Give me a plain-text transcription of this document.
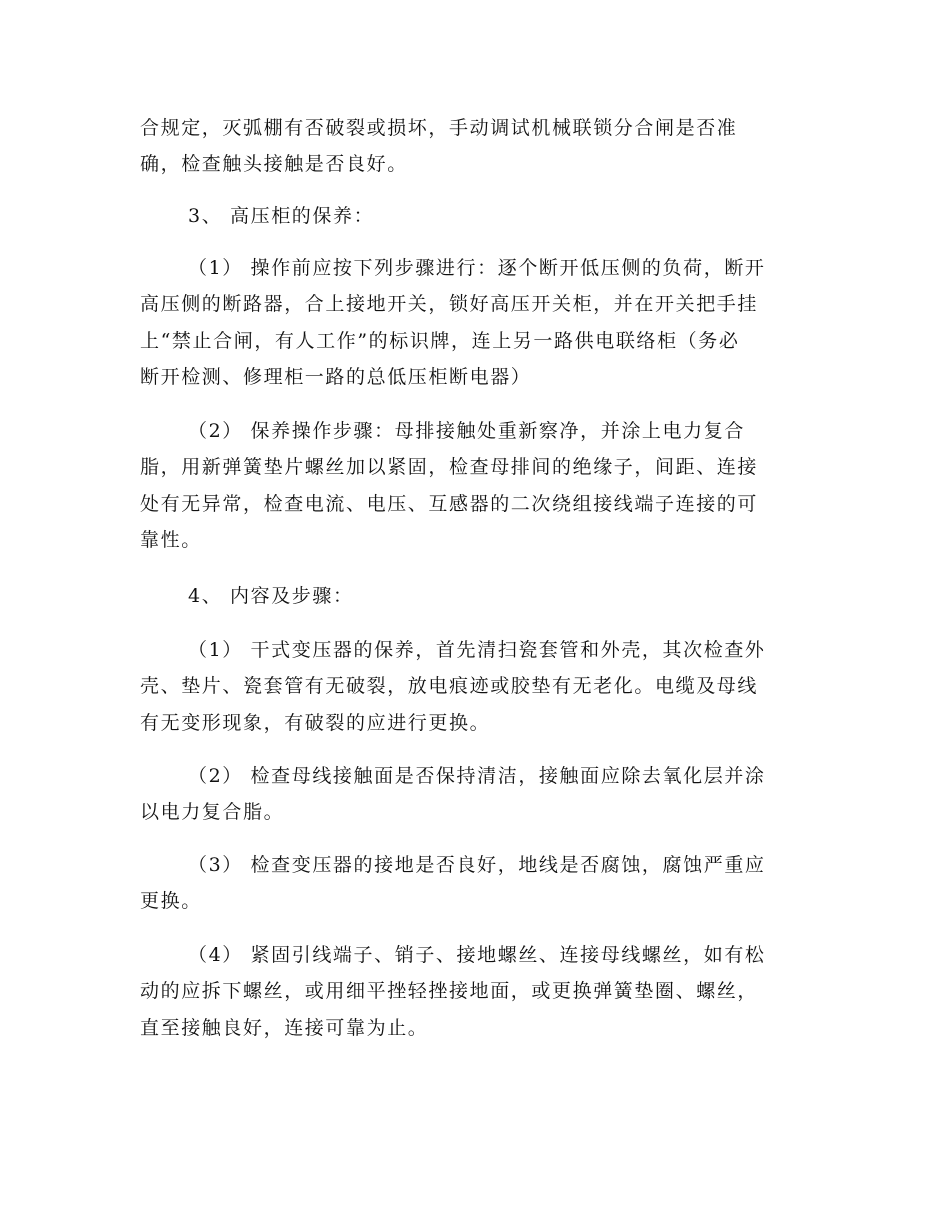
合规定，灭弧棚有否破裂或损坏，手动调试机械联锁分合闸是否准
确，检查触头接触是否良好。

3、 高压柜的保养：

（1） 操作前应按下列步骤进行：逐个断开低压侧的负荷，断开
高压侧的断路器，合上接地开关，锁好高压开关柜，并在开关把手挂
上“禁止合闸，有人工作”的标识牌，连上另一路供电联络柜（务必
断开检测、修理柜一路的总低压柜断电器）

（2） 保养操作步骤：母排接触处重新察净，并涂上电力复合
脂，用新弹簧垫片螺丝加以紧固，检查母排间的绝缘子，间距、连接
处有无异常，检查电流、电压、互感器的二次绕组接线端子连接的可
靠性。

4、 内容及步骤：

（1） 干式变压器的保养，首先清扫瓷套管和外壳，其次检查外
壳、垫片、瓷套管有无破裂，放电痕迹或胶垫有无老化。电缆及母线
有无变形现象，有破裂的应进行更换。

（2） 检查母线接触面是否保持清洁，接触面应除去氧化层并涂
以电力复合脂。

（3） 检查变压器的接地是否良好，地线是否腐蚀，腐蚀严重应
更换。

（4） 紧固引线端子、销子、接地螺丝、连接母线螺丝，如有松
动的应拆下螺丝，或用细平挫轻挫接地面，或更换弹簧垫圈、螺丝，
直至接触良好，连接可靠为止。
